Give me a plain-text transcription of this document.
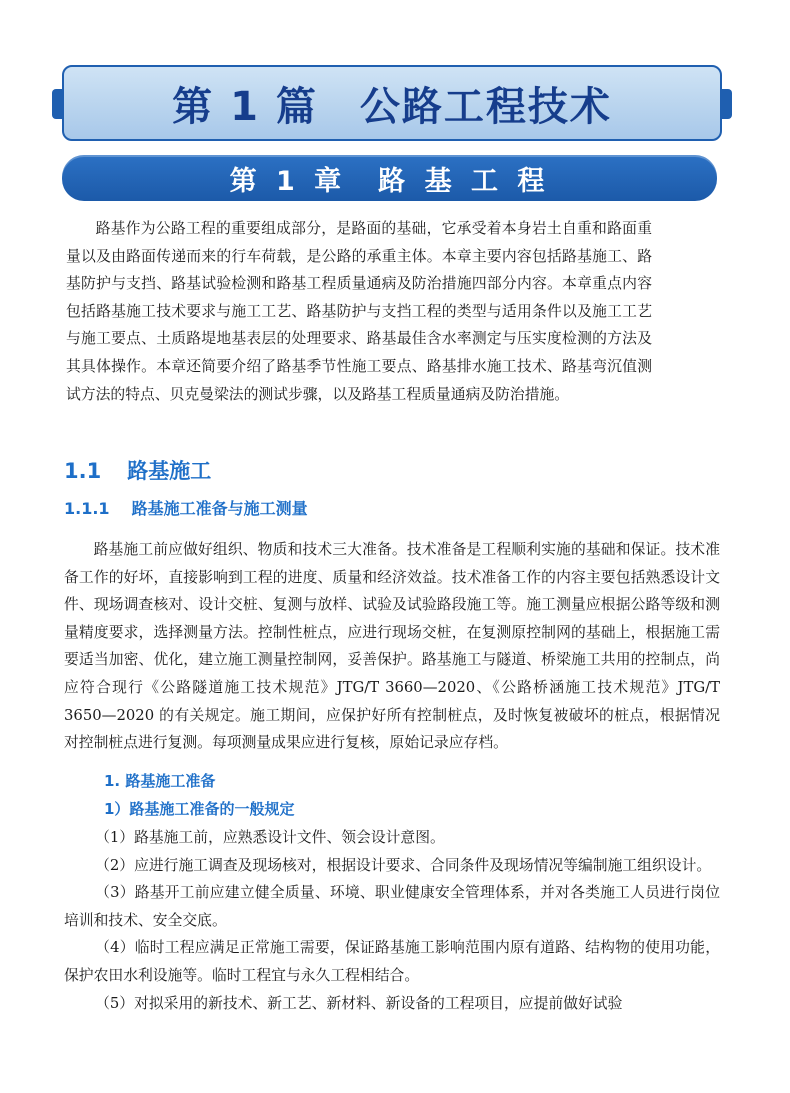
第 1 篇　公路工程技术
第 1 章　路 基 工 程

路基作为公路工程的重要组成部分，是路面的基础，它承受着本身岩土自重和路面重量以及由路面传递而来的行车荷载，是公路的承重主体。本章主要内容包括路基施工、路基防护与支挡、路基试验检测和路基工程质量通病及防治措施四部分内容。本章重点内容包括路基施工技术要求与施工工艺、路基防护与支挡工程的类型与适用条件以及施工工艺与施工要点、土质路堤地基表层的处理要求、路基最佳含水率测定与压实度检测的方法及其具体操作。本章还简要介绍了路基季节性施工要点、路基排水施工技术、路基弯沉值测试方法的特点、贝克曼梁法的测试步骤，以及路基工程质量通病及防治措施。

1.1 路基施工
1.1.1 路基施工准备与施工测量

路基施工前应做好组织、物质和技术三大准备。技术准备是工程顺利实施的基础和保证。技术准备工作的好坏，直接影响到工程的进度、质量和经济效益。技术准备工作的内容主要包括熟悉设计文件、现场调查核对、设计交桩、复测与放样、试验及试验路段施工等。施工测量应根据公路等级和测量精度要求，选择测量方法。控制性桩点，应进行现场交桩，在复测原控制网的基础上，根据施工需要适当加密、优化，建立施工测量控制网，妥善保护。路基施工与隧道、桥梁施工共用的控制点，尚应符合现行《公路隧道施工技术规范》JTG/T 3660—2020、《公路桥涵施工技术规范》JTG/T 3650—2020 的有关规定。施工期间，应保护好所有控制桩点，及时恢复被破坏的桩点，根据情况对控制桩点进行复测。每项测量成果应进行复核，原始记录应存档。

1. 路基施工准备
1）路基施工准备的一般规定

（1）路基施工前，应熟悉设计文件、领会设计意图。

（2）应进行施工调查及现场核对，根据设计要求、合同条件及现场情况等编制施工组织设计。

（3）路基开工前应建立健全质量、环境、职业健康安全管理体系，并对各类施工人员进行岗位培训和技术、安全交底。

（4）临时工程应满足正常施工需要，保证路基施工影响范围内原有道路、结构物的使用功能，保护农田水利设施等。临时工程宜与永久工程相结合。

（5）对拟采用的新技术、新工艺、新材料、新设备的工程项目，应提前做好试验
